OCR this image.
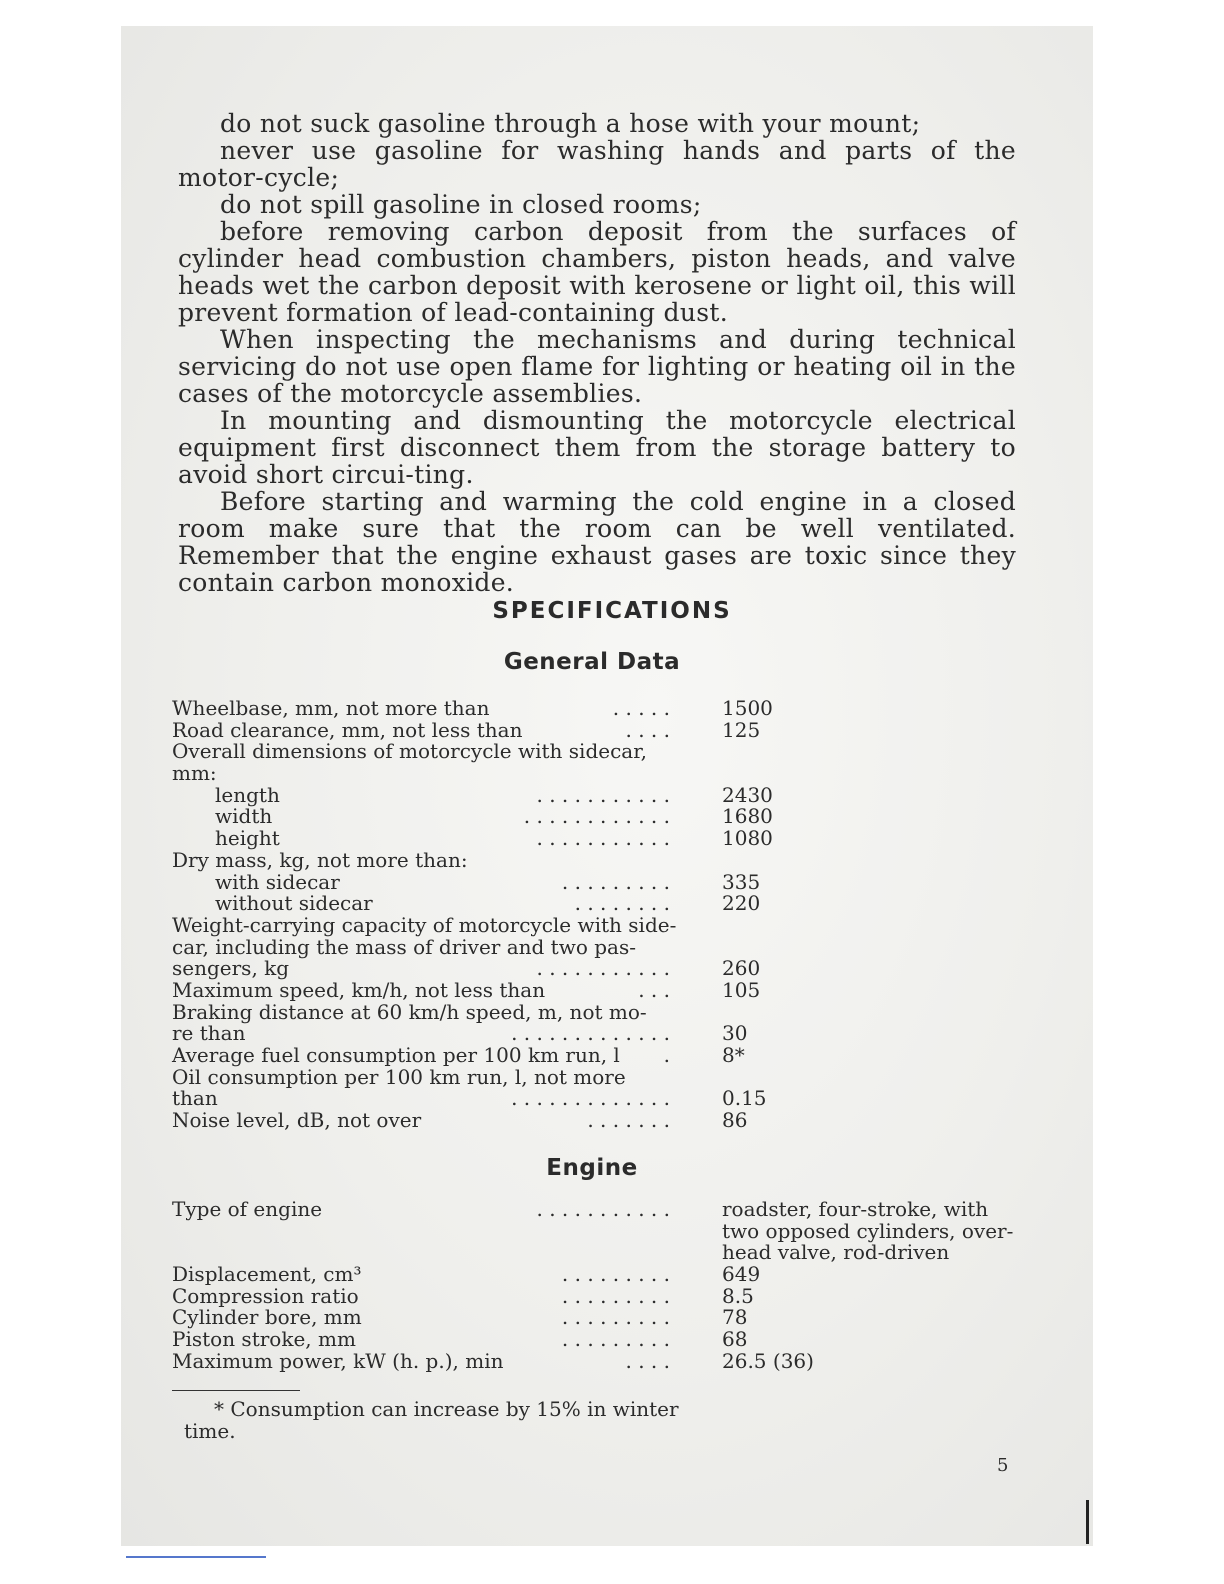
do not suck gasoline through a hose with your mount;

never use gasoline for washing hands and parts of the motor-cycle;

do not spill gasoline in closed rooms;

before removing carbon deposit from the surfaces of cylinder head combustion chambers, piston heads, and valve heads wet the carbon deposit with kerosene or light oil, this will prevent formation of lead-containing dust.

When inspecting the mechanisms and during technical servicing do not use open flame for lighting or heating oil in the cases of the motorcycle assemblies.

In mounting and dismounting the motorcycle electrical equipment first disconnect them from the storage battery to avoid short circui-ting.

Before starting and warming the cold engine in a closed room make sure that the room can be well ventilated. Remember that the engine exhaust gases are toxic since they contain carbon monoxide.

SPECIFICATIONS
General Data
Wheelbase, mm, not more than	. . . . .	1500
Road clearance, mm, not less than	. . . .	125
Overall dimensions of motorcycle with sidecar,
mm:
length	. . . . . . . . . . .	2430
width	. . . . . . . . . . . .	1680
height	. . . . . . . . . . .	1080
Dry mass, kg, not more than:
with sidecar	. . . . . . . . .	335
without sidecar	. . . . . . . .	220
Weight-carrying capacity of motorcycle with side-
car, including the mass of driver and two pas-
sengers, kg	. . . . . . . . . . .	260
Maximum speed, km/h, not less than	. . .	105
Braking distance at 60 km/h speed, m, not mo-
re than	. . . . . . . . . . . . .	30
Average fuel consumption per 100 km run, l .	8*
Oil consumption per 100 km run, l, not more
than	. . . . . . . . . . . . .	0.15
Noise level, dB, not over	. . . . . . .	86
Engine
Type of engine	. . . . . . . . . . .	roadster, four-stroke, with
two opposed cylinders, over-
head valve, rod-driven
Displacement, cm³	. . . . . . . . .	649
Compression ratio	. . . . . . . . .	8.5
Cylinder bore, mm	. . . . . . . . .	78
Piston stroke, mm	. . . . . . . . .	68
Maximum power, kW (h. p.), min	. . . .	26.5 (36)

* Consumption can increase by 15% in winter time.

5
